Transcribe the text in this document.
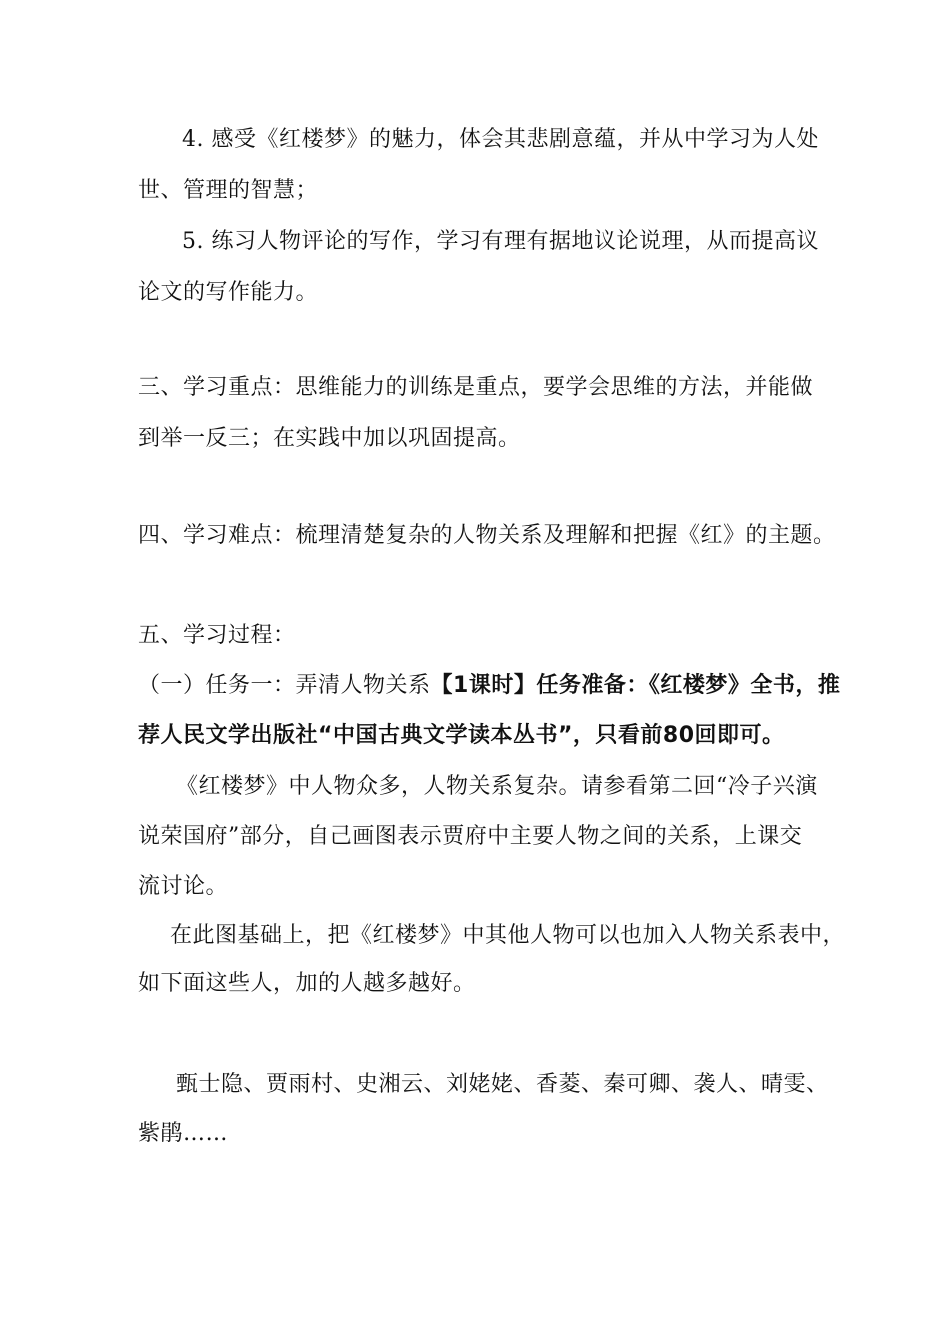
4. 感受《红楼梦》的魅力，体会其悲剧意蕴，并从中学习为人处
世、管理的智慧；
5. 练习人物评论的写作，学习有理有据地议论说理，从而提高议
论文的写作能力。
三、学习重点：思维能力的训练是重点，要学会思维的方法，并能做
到举一反三；在实践中加以巩固提高。
四、学习难点：梳理清楚复杂的人物关系及理解和把握《红》的主题。
五、学习过程：
（一）任务一：弄清人物关系【1课时】任务准备：《红楼梦》全书，推
荐人民文学出版社“中国古典文学读本丛书”，只看前80回即可。
《红楼梦》中人物众多，人物关系复杂。请参看第二回“冷子兴演
说荣国府”部分，自己画图表示贾府中主要人物之间的关系，上课交
流讨论。
在此图基础上，把《红楼梦》中其他人物可以也加入人物关系表中，
如下面这些人，加的人越多越好。
甄士隐、贾雨村、史湘云、刘姥姥、香菱、秦可卿、袭人、晴雯、
紫鹃……
